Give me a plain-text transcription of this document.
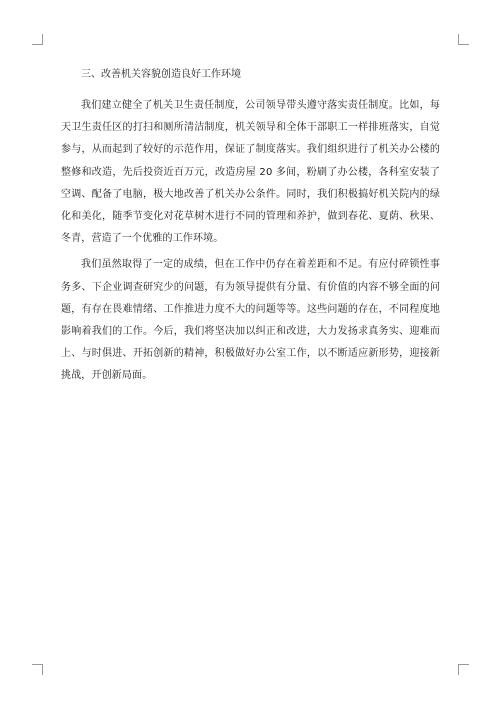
三、改善机关容貌创造良好工作环境

我们建立健全了机关卫生责任制度，公司领导带头遵守落实责任制度。比如，每天卫生责任区的打扫和厕所清洁制度，机关领导和全体干部职工一样排班落实，自觉参与，从而起到了较好的示范作用，保证了制度落实。我们组织进行了机关办公楼的整修和改造，先后投资近百万元，改造房屋 20 多间，粉刷了办公楼，各科室安装了空调、配备了电脑，极大地改善了机关办公条件。同时，我们积极搞好机关院内的绿化和美化，随季节变化对花草树木进行不同的管理和养护，做到春花、夏荫、秋果、冬青，营造了一个优雅的工作环境。

我们虽然取得了一定的成绩，但在工作中仍存在着差距和不足。有应付碎锁性事务多、下企业调查研究少的问题，有为领导提供有分量、有价值的内容不够全面的问题，有存在畏难情绪、工作推进力度不大的问题等等。这些问题的存在，不同程度地影响着我们的工作。今后，我们将坚决加以纠正和改进，大力发扬求真务实、迎难而上、与时俱进、开拓创新的精神，积极做好办公室工作，以不断适应新形势，迎接新挑战，开创新局面。
